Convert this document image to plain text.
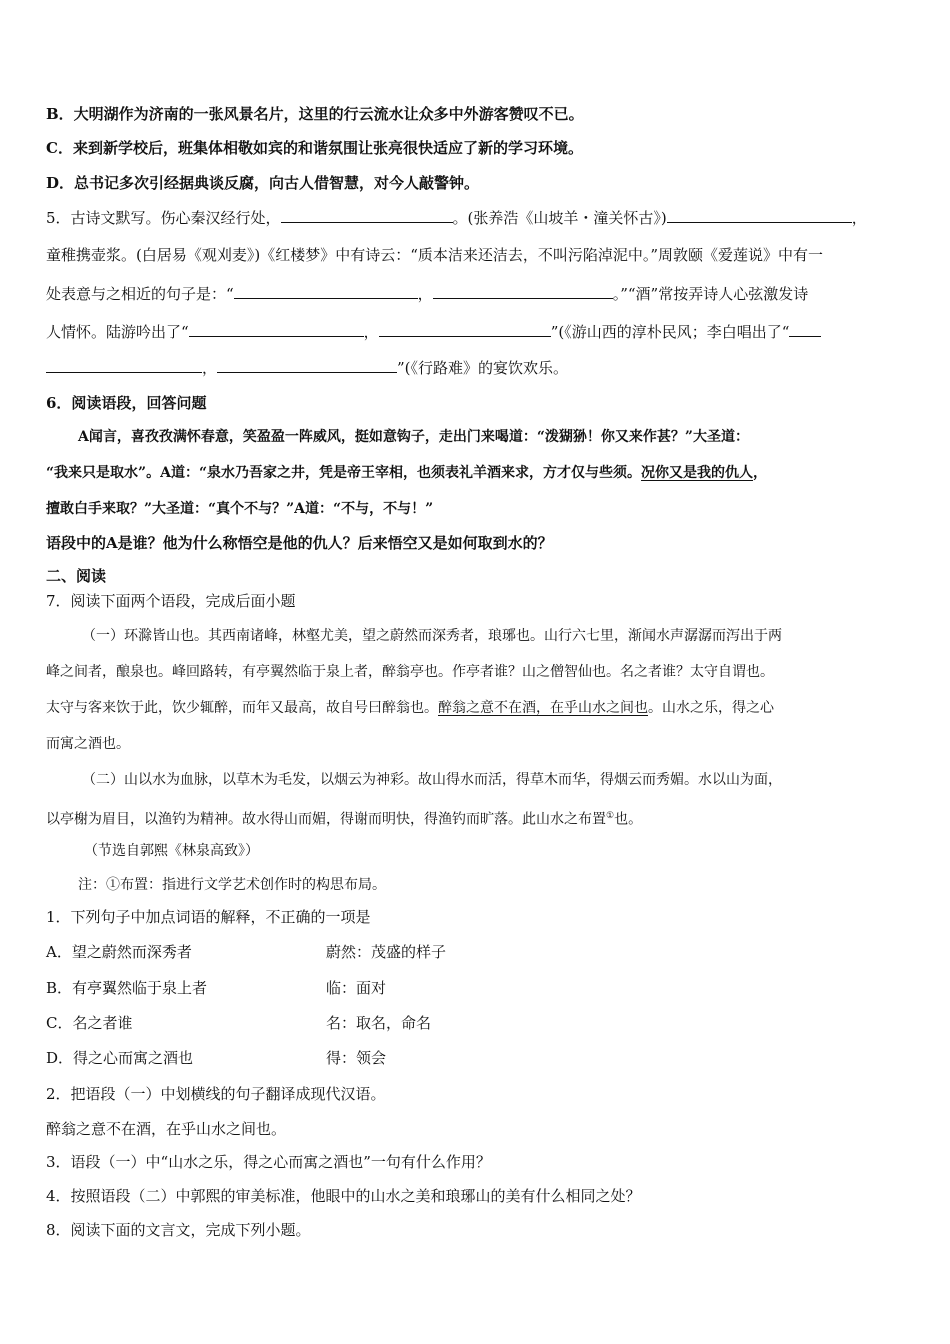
B．大明湖作为济南的一张风景名片，这里的行云流水让众多中外游客赞叹不已。
C．来到新学校后，班集体相敬如宾的和谐氛围让张亮很快适应了新的学习环境。
D．总书记多次引经据典谈反腐，向古人借智慧，对今人敲警钟。
5．古诗文默写。伤心秦汉经行处，	。(张养浩《山坡羊・潼关怀古》)	，
童稚携壶浆。(白居易《观刈麦》)《红楼梦》中有诗云：“质本洁来还洁去，不叫污陷淖泥中。”周敦颐《爱莲说》中有一
处表意与之相近的句子是：“	，	。”“酒”常按弄诗人心弦激发诗
人情怀。陆游吟出了“	，	”(《游山西的淳朴民风；李白唱出了“
，	”(《行路难》的宴饮欢乐。
6．阅读语段，回答问题
A闻言，喜孜孜满怀春意，笑盈盈一阵威风，挺如意钩子，走出门来喝道：“泼猢狲！你又来作甚？”大圣道：
“我来只是取水”。A道：“泉水乃吾家之井，凭是帝王宰相，也须表礼羊酒来求，方才仅与些须。况你又是我的仇人，
擅敢白手来取？”大圣道：“真个不与？”A道：“不与，不与！”
语段中的A是谁？他为什么称悟空是他的仇人？后来悟空又是如何取到水的？
二、阅读
7．阅读下面两个语段，完成后面小题
（一）环滁皆山也。其西南诸峰，林壑尤美，望之蔚然而深秀者，琅琊也。山行六七里，渐闻水声潺潺而泻出于两
峰之间者，酿泉也。峰回路转，有亭翼然临于泉上者，醉翁亭也。作亭者谁？山之僧智仙也。名之者谁？太守自谓也。
太守与客来饮于此，饮少辄醉，而年又最高，故自号曰醉翁也。醉翁之意不在酒，在乎山水之间也。山水之乐，得之心
而寓之酒也。
（二）山以水为血脉，以草木为毛发，以烟云为神彩。故山得水而活，得草木而华，得烟云而秀媚。水以山为面，
以亭榭为眉目，以渔钓为精神。故水得山而媚，得谢而明快，得渔钓而旷落。此山水之布置①也。
（节选自郭熙《林泉高致》）
注：①布置：指进行文学艺术创作时的构思布局。
1．下列句子中加点词语的解释，不正确的一项是
A．望之蔚然而深秀者	蔚然：茂盛的样子
B．有亭翼然临于泉上者	临：面对
C．名之者谁	名：取名，命名
D．得之心而寓之酒也	得：领会
2．把语段（一）中划横线的句子翻译成现代汉语。
醉翁之意不在酒，在乎山水之间也。
3．语段（一）中“山水之乐，得之心而寓之酒也”一句有什么作用？
4．按照语段（二）中郭熙的审美标准，他眼中的山水之美和琅琊山的美有什么相同之处？
8．阅读下面的文言文，完成下列小题。
